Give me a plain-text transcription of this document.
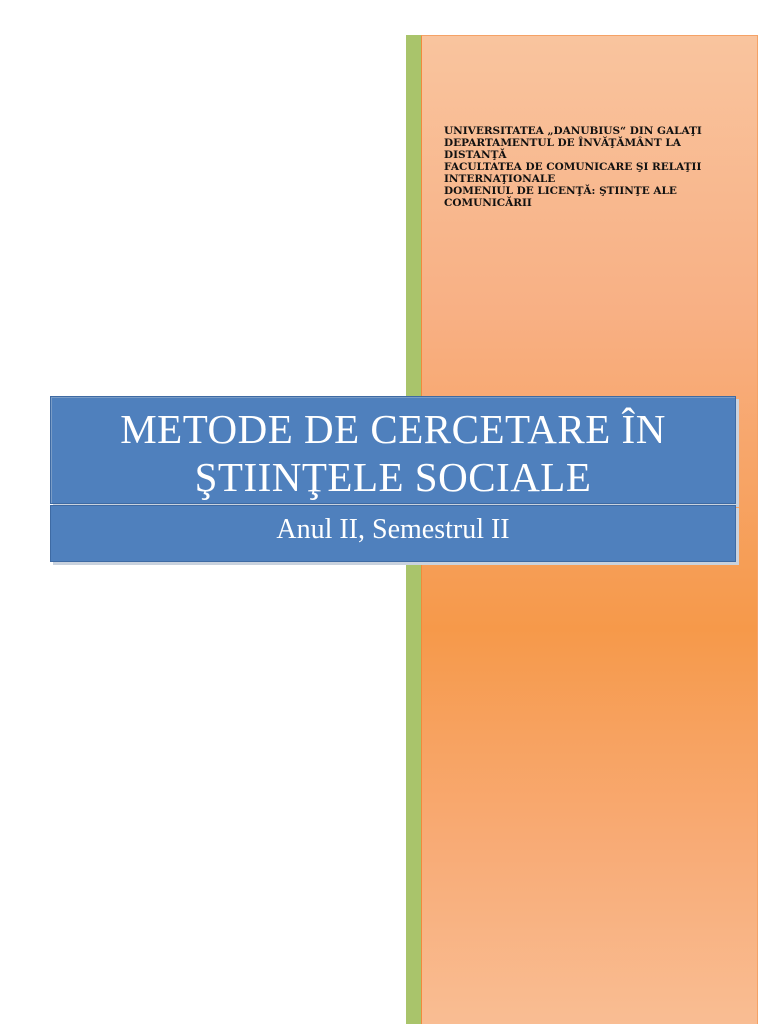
UNIVERSITATEA „DANUBIUS“ DIN GALAŢI
DEPARTAMENTUL DE ÎNVĂŢĂMÂNT LA
DISTANŢĂ
FACULTATEA DE COMUNICARE ŞI RELAŢII
INTERNAŢIONALE
DOMENIUL DE LICENŢĂ: ŞTIINŢE ALE
COMUNICĂRII
METODE DE CERCETARE ÎN
ŞTIINŢELE SOCIALE
Anul II, Semestrul II
